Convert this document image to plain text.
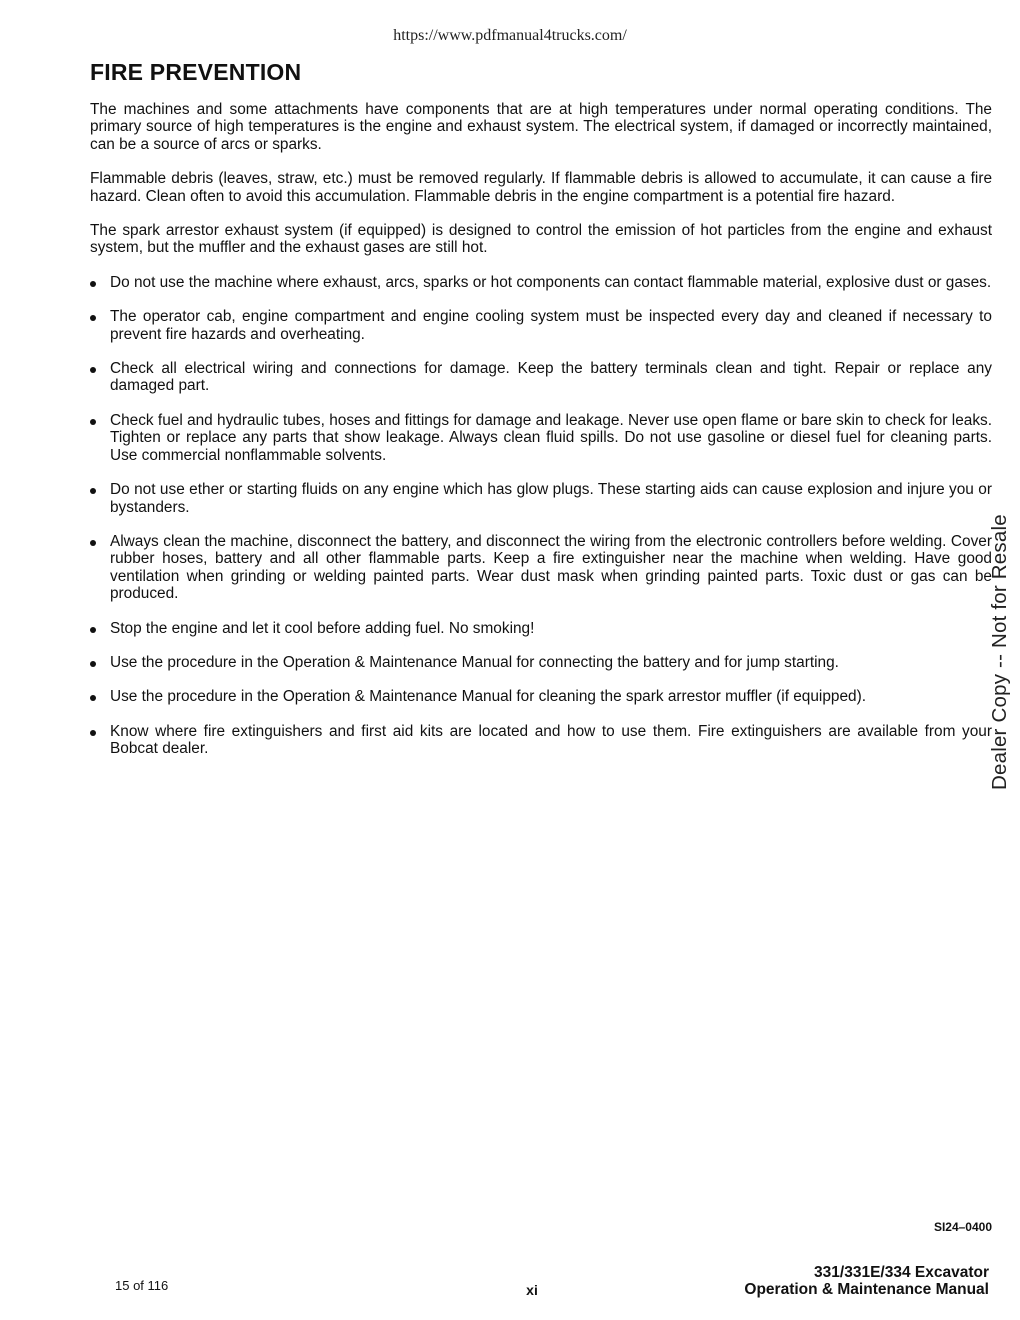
https://www.pdfmanual4trucks.com/
FIRE PREVENTION

The machines and some attachments have components that are at high temperatures under normal operating conditions. The primary source of high temperatures is the engine and exhaust system. The electrical system, if damaged or incorrectly maintained, can be a source of arcs or sparks.

Flammable debris (leaves, straw, etc.) must be removed regularly. If flammable debris is allowed to accumulate, it can cause a fire hazard. Clean often to avoid this accumulation. Flammable debris in the engine compartment is a potential fire hazard.

The spark arrestor exhaust system (if equipped) is designed to control the emission of hot particles from the engine and exhaust system, but the muffler and the exhaust gases are still hot.

Do not use the machine where exhaust, arcs, sparks or hot components can contact flammable material, explosive dust or gases.
The operator cab, engine compartment and engine cooling system must be inspected every day and cleaned if necessary to prevent fire hazards and overheating.
Check all electrical wiring and connections for damage. Keep the battery terminals clean and tight. Repair or replace any damaged part.
Check fuel and hydraulic tubes, hoses and fittings for damage and leakage. Never use open flame or bare skin to check for leaks. Tighten or replace any parts that show leakage. Always clean fluid spills. Do not use gasoline or diesel fuel for cleaning parts. Use commercial nonflammable solvents.
Do not use ether or starting fluids on any engine which has glow plugs. These starting aids can cause explosion and injure you or bystanders.
Always clean the machine, disconnect the battery, and disconnect the wiring from the electronic controllers before welding. Cover rubber hoses, battery and all other flammable parts. Keep a fire extinguisher near the machine when welding. Have good ventilation when grinding or welding painted parts. Wear dust mask when grinding painted parts. Toxic dust or gas can be produced.
Stop the engine and let it cool before adding fuel. No smoking!
Use the procedure in the Operation & Maintenance Manual for connecting the battery and for jump starting.
Use the procedure in the Operation & Maintenance Manual for cleaning the spark arrestor muffler (if equipped).
Know where fire extinguishers and first aid kits are located and how to use them. Fire extinguishers are available from your Bobcat dealer.	Dealer Copy -- Not for Resale
SI24–0400
15 of 116	xi
331/331E/334 Excavator
Operation & Maintenance Manual
